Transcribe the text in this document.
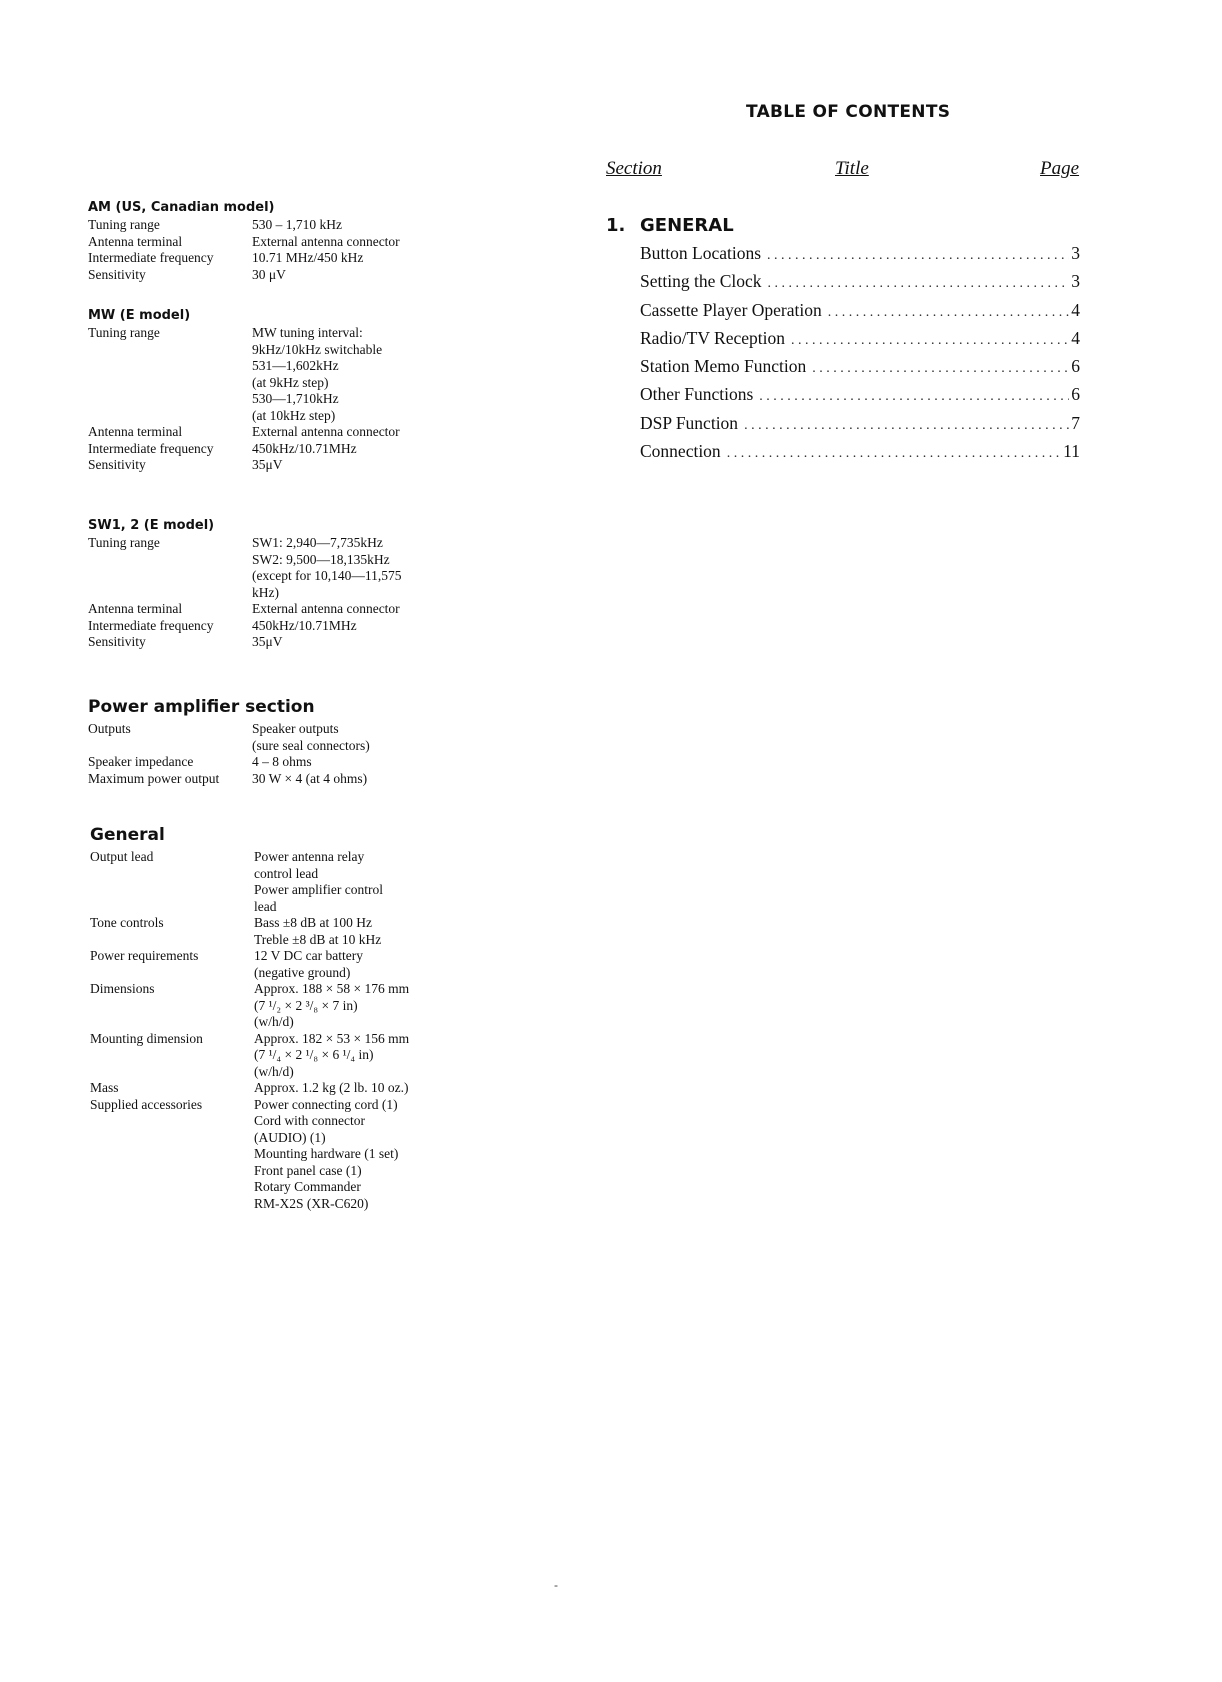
AM (US, Canadian model)
Tuning range	530 – 1,710 kHz
Antenna terminal	External antenna connector
Intermediate frequency	10.71 MHz/450 kHz
Sensitivity	30 μV
MW (E model)
Tuning range	MW tuning interval:
9kHz/10kHz switchable
531—1,602kHz
(at 9kHz step)
530—1,710kHz
(at 10kHz step)
Antenna terminal	External antenna connector
Intermediate frequency	450kHz/10.71MHz
Sensitivity	35μV
SW1, 2 (E model)
Tuning range	SW1: 2,940—7,735kHz
SW2: 9,500—18,135kHz
(except for 10,140—11,575
kHz)
Antenna terminal	External antenna connector
Intermediate frequency	450kHz/10.71MHz
Sensitivity	35μV
Power amplifier section
Outputs	Speaker outputs
(sure seal connectors)
Speaker impedance	4 – 8 ohms
Maximum power output	30 W × 4 (at 4 ohms)
General
Output lead	Power antenna relay
control lead
Power amplifier control
lead
Tone controls	Bass ±8 dB at 100 Hz
Treble ±8 dB at 10 kHz
Power requirements	12 V DC car battery
(negative ground)
Dimensions	Approx. 188 × 58 × 176 mm
(7 ¹/₂ × 2 ³/₈ × 7 in)
(w/h/d)
Mounting dimension	Approx. 182 × 53 × 156 mm
(7 ¹/₄ × 2 ¹/₈ × 6 ¹/₄ in)
(w/h/d)
Mass	Approx. 1.2 kg (2 lb. 10 oz.)
Supplied accessories	Power connecting cord (1)
Cord with connector
(AUDIO) (1)
Mounting hardware (1 set)
Front panel case (1)
Rotary Commander
RM-X2S (XR-C620)
TABLE OF CONTENTS
Section	Title	Page
1. GENERAL
Button Locations . . .	3
Setting the Clock . . .	3
Cassette Player Operation . . .	4
Radio/TV Reception . . .	4
Station Memo Function . . .	6
Other Functions . . .	6
DSP Function . . .	7
Connection . . .	11
-
